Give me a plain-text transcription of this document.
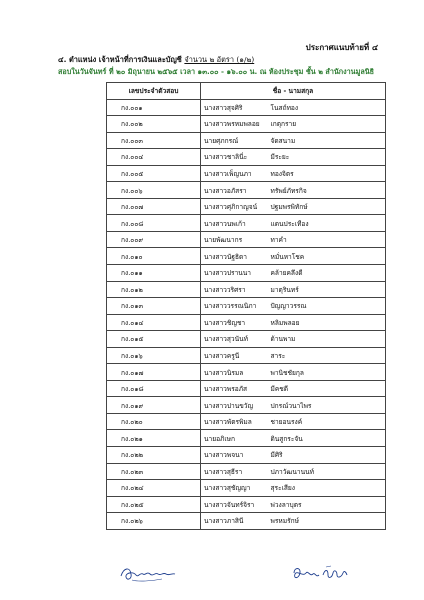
ประกาศแนบท้ายที่ ๔
๔. ตำแหน่ง เจ้าหน้าที่การเงินและบัญชี จำนวน ๒ อัตรา (๑/๒)
สอบในวันจันทร์ ที่ ๒๐ มิถุนายน ๒๕๖๕ เวลา ๑๓.๐๐ - ๑๖.๐๐ น. ณ ห้องประชุม ชั้น ๒ สำนักงานมูลนิธิ
เลขประจำตัวสอบ	ชื่อ - นามสกุล	
กง.๐๐๑	นางสาวสุจศิริ	โนสถ์ทอง
กง.๐๐๒	นางสาวพรหมพลอย	เกตุกราย
กง.๐๐๓	นายศุภกรณ์	จัดสนาม
กง.๐๐๔	นางสาวชาลินี่ะ	มีระยะ
กง.๐๐๕	นางสาวเพ็ญนภา	ทองจิตร
กง.๐๐๖	นางสาวอภัสรา	ทรัพย์ภัทรกิจ
กง.๐๐๗	นางสาวศุภิกาญจน์	ปฐมพรพิทักษ์
กง.๐๐๘	นางสาวนพเก้า	แดนประเทือง
กง.๐๐๙	นายพัฒนากร	ทาคำ
กง.๐๑๐	นางสาวนัฐธิดา	หมั่นหาโชค
กง.๐๑๑	นางสาวปรานนา	คล้ายคลึงดี
กง.๐๑๒	นางสาววริศรา	มาตุรินทร์
กง.๐๑๓	นางสาววรรณนิภา	ปัญญาวรรณ
กง.๐๑๔	นางสาวชิญชา	หลิมพลอย
กง.๐๑๕	นางสาวสุวนันท์	ด้านพาม
กง.๐๑๖	นางสาวครูนี	สาระ
กง.๐๑๗	นางสาวนิรมล	พานิชชัยกุล
กง.๐๑๘	นางสาวพรอภัส	มีคชดี
กง.๐๑๙	นางสาวปานขวัญ	ปกรณ์วนาไพร
กง.๐๒๐	นางสาวพัตรพิมล	ชายอนรงค์
กง.๐๒๑	นายอภิเษก	ดินสูกระจัน
กง.๐๒๒	นางสาวพจนา	มีศิริ
กง.๐๒๓	นางสาวสุธีรา	ปภาวัฒนานนท์
กง.๐๒๔	นางสาวสุชัญญา	สุระเสียง
กง.๐๒๕	นางสาวจันทร์จิรา	พ่วงลาบุตร
กง.๐๒๖	นางสาวภาสินี	พรหมรักษ์
